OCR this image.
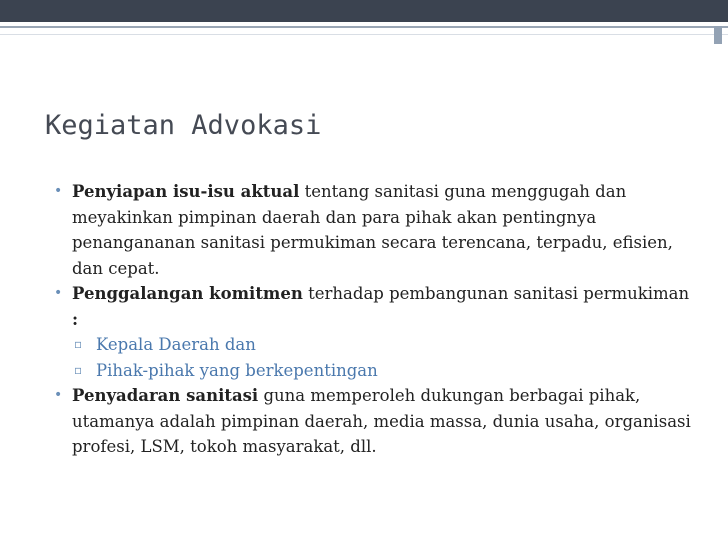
Kegiatan Advokasi
• Penyiapan isu-isu aktual tentang sanitasi guna menggugah dan meyakinkan pimpinan daerah dan para pihak akan pentingnya penangananan sanitasi permukiman secara terencana, terpadu, efisien, dan cepat.
• Penggalangan komitmen terhadap pembangunan sanitasi permukiman :
▫ Kepala Daerah dan
▫ Pihak-pihak yang berkepentingan
• Penyadaran sanitasi guna memperoleh dukungan berbagai pihak, utamanya adalah pimpinan daerah, media massa, dunia usaha, organisasi profesi, LSM, tokoh masyarakat, dll.
